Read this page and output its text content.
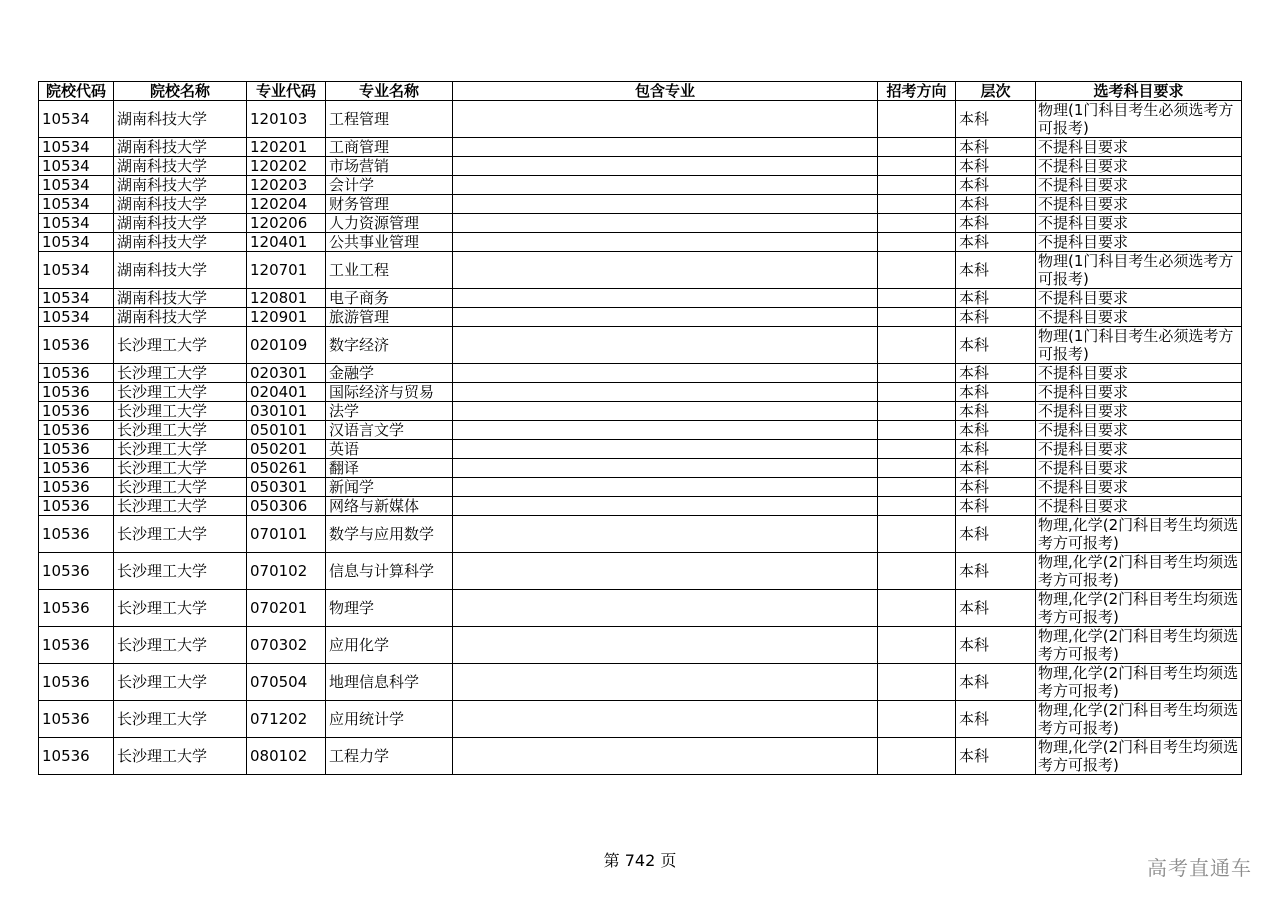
院校代码	院校名称	专业代码	专业名称	包含专业	招考方向	层次	选考科目要求
10534	湖南科技大学	120103	工程管理			本科	物理(1门科目考生必须选考方可报考)
10534	湖南科技大学	120201	工商管理			本科	不提科目要求
10534	湖南科技大学	120202	市场营销			本科	不提科目要求
10534	湖南科技大学	120203	会计学			本科	不提科目要求
10534	湖南科技大学	120204	财务管理			本科	不提科目要求
10534	湖南科技大学	120206	人力资源管理			本科	不提科目要求
10534	湖南科技大学	120401	公共事业管理			本科	不提科目要求
10534	湖南科技大学	120701	工业工程			本科	物理(1门科目考生必须选考方可报考)
10534	湖南科技大学	120801	电子商务			本科	不提科目要求
10534	湖南科技大学	120901	旅游管理			本科	不提科目要求
10536	长沙理工大学	020109	数字经济			本科	物理(1门科目考生必须选考方可报考)
10536	长沙理工大学	020301	金融学			本科	不提科目要求
10536	长沙理工大学	020401	国际经济与贸易			本科	不提科目要求
10536	长沙理工大学	030101	法学			本科	不提科目要求
10536	长沙理工大学	050101	汉语言文学			本科	不提科目要求
10536	长沙理工大学	050201	英语			本科	不提科目要求
10536	长沙理工大学	050261	翻译			本科	不提科目要求
10536	长沙理工大学	050301	新闻学			本科	不提科目要求
10536	长沙理工大学	050306	网络与新媒体			本科	不提科目要求
10536	长沙理工大学	070101	数学与应用数学			本科	物理,化学(2门科目考生均须选考方可报考)
10536	长沙理工大学	070102	信息与计算科学			本科	物理,化学(2门科目考生均须选考方可报考)
10536	长沙理工大学	070201	物理学			本科	物理,化学(2门科目考生均须选考方可报考)
10536	长沙理工大学	070302	应用化学			本科	物理,化学(2门科目考生均须选考方可报考)
10536	长沙理工大学	070504	地理信息科学			本科	物理,化学(2门科目考生均须选考方可报考)
10536	长沙理工大学	071202	应用统计学			本科	物理,化学(2门科目考生均须选考方可报考)
10536	长沙理工大学	080102	工程力学			本科	物理,化学(2门科目考生均须选考方可报考)
第 742 页	高考直通车
